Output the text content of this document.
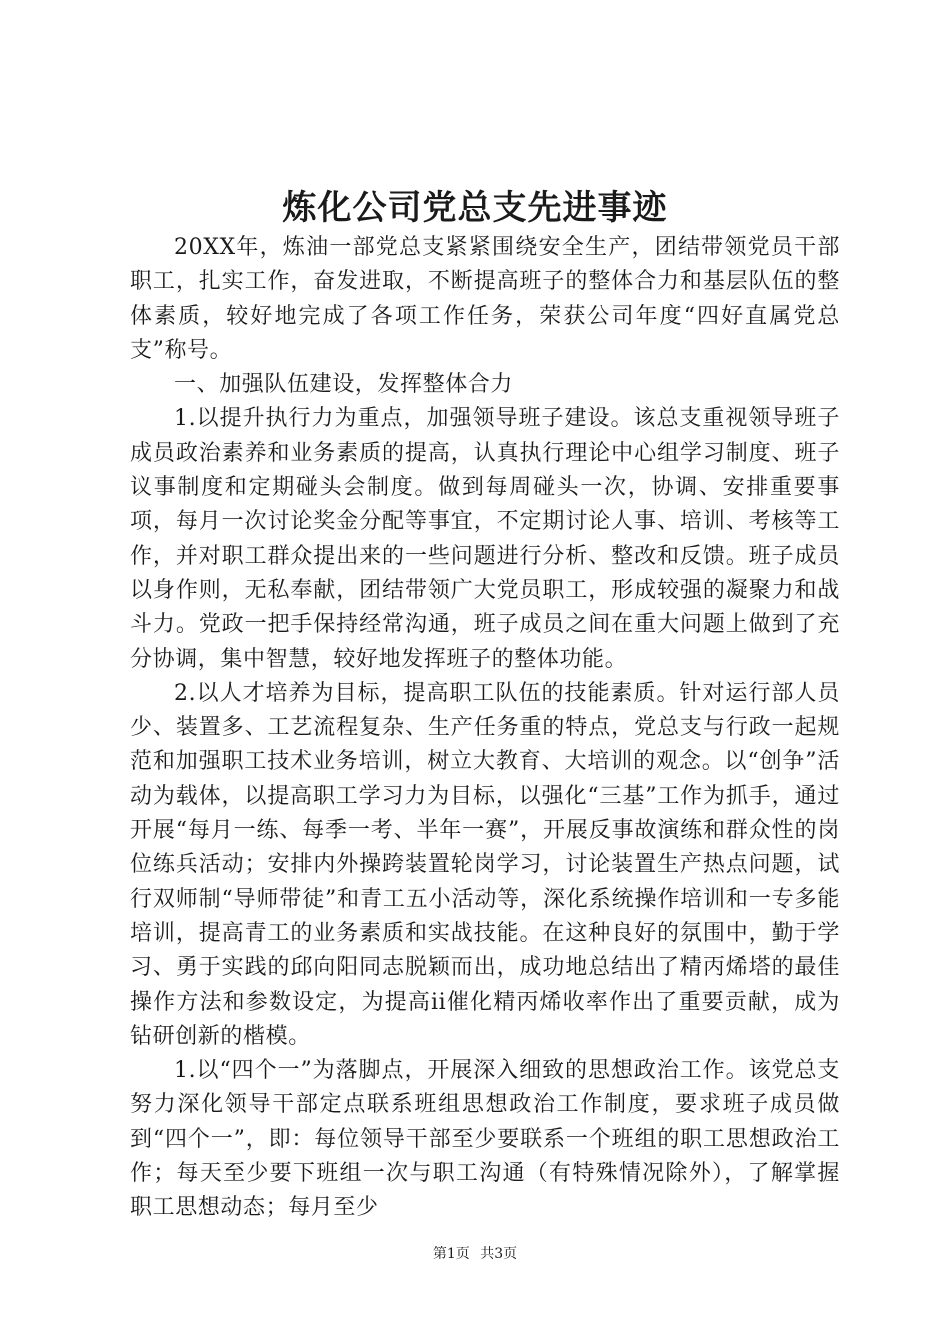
炼化公司党总支先进事迹

20XX年，炼油一部党总支紧紧围绕安全生产，团结带领党员干部职工，扎实工作，奋发进取，不断提高班子的整体合力和基层队伍的整体素质，较好地完成了各项工作任务，荣获公司年度“四好直属党总支”称号。

一、加强队伍建设，发挥整体合力

1.以提升执行力为重点，加强领导班子建设。该总支重视领导班子成员政治素养和业务素质的提高，认真执行理论中心组学习制度、班子议事制度和定期碰头会制度。做到每周碰头一次，协调、安排重要事项，每月一次讨论奖金分配等事宜，不定期讨论人事、培训、考核等工作，并对职工群众提出来的一些问题进行分析、整改和反馈。班子成员以身作则，无私奉献，团结带领广大党员职工，形成较强的凝聚力和战斗力。党政一把手保持经常沟通，班子成员之间在重大问题上做到了充分协调，集中智慧，较好地发挥班子的整体功能。

2.以人才培养为目标，提高职工队伍的技能素质。针对运行部人员少、装置多、工艺流程复杂、生产任务重的特点，党总支与行政一起规范和加强职工技术业务培训，树立大教育、大培训的观念。以“创争”活动为载体，以提高职工学习力为目标，以强化“三基”工作为抓手，通过开展“每月一练、每季一考、半年一赛”，开展反事故演练和群众性的岗位练兵活动；安排内外操跨装置轮岗学习，讨论装置生产热点问题，试行双师制“导师带徒”和青工五小活动等，深化系统操作培训和一专多能培训，提高青工的业务素质和实战技能。在这种良好的氛围中，勤于学习、勇于实践的邱向阳同志脱颖而出，成功地总结出了精丙烯塔的最佳操作方法和参数设定，为提高ii催化精丙烯收率作出了重要贡献，成为钻研创新的楷模。

1.以“四个一”为落脚点，开展深入细致的思想政治工作。该党总支努力深化领导干部定点联系班组思想政治工作制度，要求班子成员做到“四个一”，即：每位领导干部至少要联系一个班组的职工思想政治工作；每天至少要下班组一次与职工沟通（有特殊情况除外），了解掌握职工思想动态；每月至少

第1页 共3页
